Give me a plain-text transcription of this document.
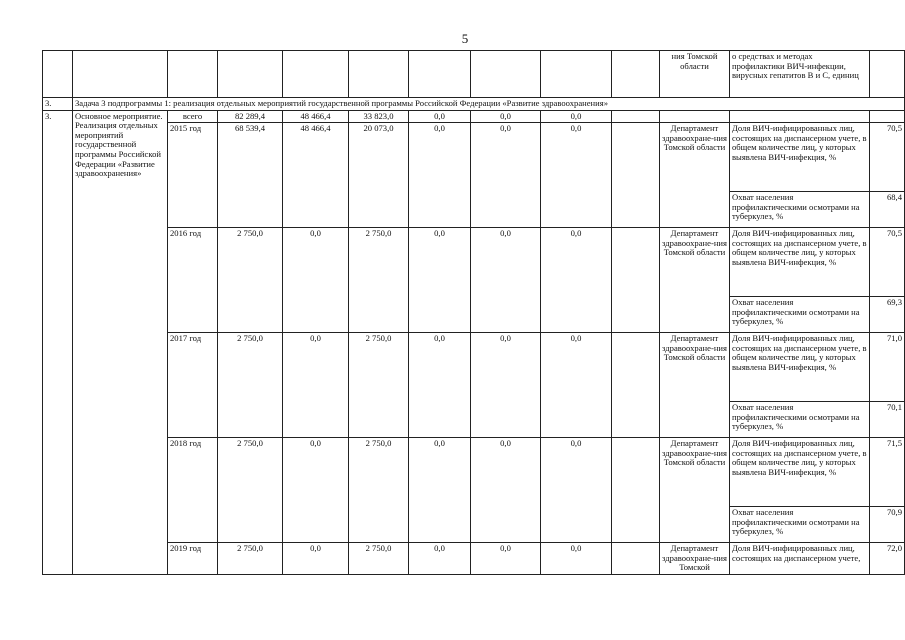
5
										ния Томской области	о средствах и методах профилактики ВИЧ-инфекции, вирусных гепатитов В и С, единиц	
3.	Задача 3 подпрограммы 1: реализация отдельных мероприятий государственной программы Российской Федерации «Развитие здравоохранения»											
3.	Основное мероприятие. Реализация отдельных мероприятий государственной программы Российской Федерации «Развитие здравоохранения»	всего	82 289,4	48 466,4	33 823,0	0,0	0,0	0,0				
		2015 год	68 539,4	48 466,4	20 073,0	0,0	0,0	0,0		Департамент здравоохране-ния Томской области	Доля ВИЧ-инфицированных лиц, состоящих на диспансерном учете, в общем количестве лиц, у которых выявлена ВИЧ-инфекция, %	70,5
											Охват населения профилактическими осмотрами на туберкулез, %	68,4
		2016 год	2 750,0	0,0	2 750,0	0,0	0,0	0,0		Департамент здравоохране-ния Томской области	Доля ВИЧ-инфицированных лиц, состоящих на диспансерном учете, в общем количестве лиц, у которых выявлена ВИЧ-инфекция, %	70,5
											Охват населения профилактическими осмотрами на туберкулез, %	69,3
		2017 год	2 750,0	0,0	2 750,0	0,0	0,0	0,0		Департамент здравоохране-ния Томской области	Доля ВИЧ-инфицированных лиц, состоящих на диспансерном учете, в общем количестве лиц, у которых выявлена ВИЧ-инфекция, %	71,0
											Охват населения профилактическими осмотрами на туберкулез, %	70,1
		2018 год	2 750,0	0,0	2 750,0	0,0	0,0	0,0		Департамент здравоохране-ния Томской области	Доля ВИЧ-инфицированных лиц, состоящих на диспансерном учете, в общем количестве лиц, у которых выявлена ВИЧ-инфекция, %	71,5
											Охват населения профилактическими осмотрами на туберкулез, %	70,9
		2019 год	2 750,0	0,0	2 750,0	0,0	0,0	0,0		Департамент здравоохране-ния Томской	Доля ВИЧ-инфицированных лиц, состоящих на диспансерном учете,	72,0
